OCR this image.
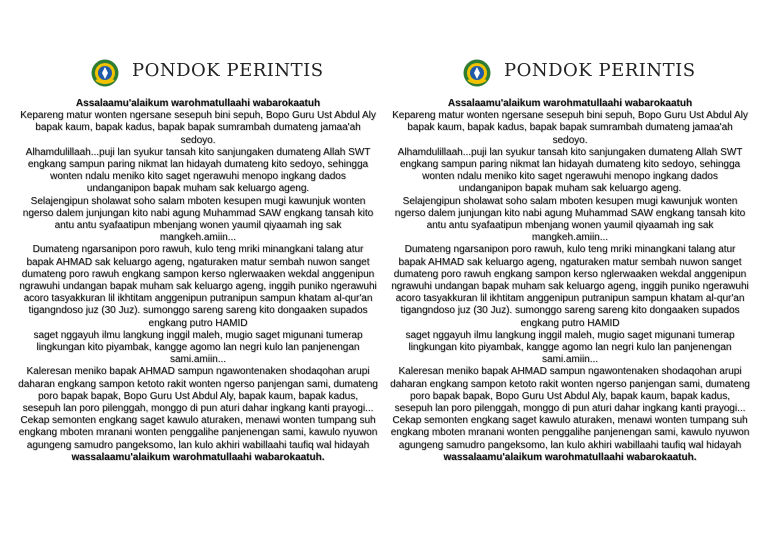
PONDOK PERINTIS

Assalaamu'alaikum warohmatullaahi wabarokaatuh

Kepareng matur wonten ngersane sesepuh bini sepuh, Bopo Guru Ust Abdul Aly bapak kaum, bapak kadus, bapak bapak sumrambah dumateng jamaa'ah sedoyo.

Alhamdulillaah...puji lan syukur tansah kito sanjungaken dumateng Allah SWT engkang sampun paring nikmat lan hidayah dumateng kito sedoyo, sehingga wonten ndalu meniko kito saget ngerawuhi menopo ingkang dados undanganipon bapak muham sak keluargo ageng.

Selajengipun sholawat soho salam mboten kesupen mugi kawunjuk wonten ngerso dalem junjungan kito nabi agung Muhammad SAW engkang tansah kito antu antu syafaatipun mbenjang wonen yaumil qiyaamah ing sak mangkeh.amiin...

Dumateng ngarsanipon poro rawuh, kulo teng mriki minangkani talang atur bapak AHMAD sak keluargo ageng, ngaturaken matur sembah nuwon sanget dumateng poro rawuh engkang sampon kerso nglerwaaken wekdal anggenipun ngrawuhi undangan bapak muham sak keluargo ageng, inggih puniko ngerawuhi acoro tasyakkuran lil ikhtitam anggenipun putranipun sampun khatam al-qur'an tigangndoso juz (30 Juz). sumonggo sareng sareng kito dongaaken supados engkang putro HAMID

saget nggayuh ilmu langkung inggil maleh, mugio saget migunani tumerap lingkungan kito piyambak, kangge agomo lan negri kulo lan panjenengan sami.amiin...

Kaleresan meniko bapak AHMAD sampun ngawontenaken shodaqohan arupi daharan engkang sampon ketoto rakit wonten ngerso panjengan sami, dumateng poro bapak bapak, Bopo Guru Ust Abdul Aly, bapak kaum, bapak kadus, sesepuh lan poro pilenggah, monggo di pun aturi dahar ingkang kanti prayogi...

Cekap semonten engkang saget kawulo aturaken, menawi wonten tumpang suh engkang mboten mranani wonten penggalihe panjenengan sami, kawulo nyuwon agungeng samudro pangeksomo, lan kulo akhiri wabillaahi taufiq wal hidayah

wassalaamu'alaikum warohmatullaahi wabarokaatuh.

PONDOK PERINTIS

Assalaamu'alaikum warohmatullaahi wabarokaatuh

Kepareng matur wonten ngersane sesepuh bini sepuh, Bopo Guru Ust Abdul Aly bapak kaum, bapak kadus, bapak bapak sumrambah dumateng jamaa'ah sedoyo.

Alhamdulillaah...puji lan syukur tansah kito sanjungaken dumateng Allah SWT engkang sampun paring nikmat lan hidayah dumateng kito sedoyo, sehingga wonten ndalu meniko kito saget ngerawuhi menopo ingkang dados undanganipon bapak muham sak keluargo ageng.

Selajengipun sholawat soho salam mboten kesupen mugi kawunjuk wonten ngerso dalem junjungan kito nabi agung Muhammad SAW engkang tansah kito antu antu syafaatipun mbenjang wonen yaumil qiyaamah ing sak mangkeh.amiin...

Dumateng ngarsanipon poro rawuh, kulo teng mriki minangkani talang atur bapak AHMAD sak keluargo ageng, ngaturaken matur sembah nuwon sanget dumateng poro rawuh engkang sampon kerso nglerwaaken wekdal anggenipun ngrawuhi undangan bapak muham sak keluargo ageng, inggih puniko ngerawuhi acoro tasyakkuran lil ikhtitam anggenipun putranipun sampun khatam al-qur'an tigangndoso juz (30 Juz). sumonggo sareng sareng kito dongaaken supados engkang putro HAMID

saget nggayuh ilmu langkung inggil maleh, mugio saget migunani tumerap lingkungan kito piyambak, kangge agomo lan negri kulo lan panjenengan sami.amiin...

Kaleresan meniko bapak AHMAD sampun ngawontenaken shodaqohan arupi daharan engkang sampon ketoto rakit wonten ngerso panjengan sami, dumateng poro bapak bapak, Bopo Guru Ust Abdul Aly, bapak kaum, bapak kadus, sesepuh lan poro pilenggah, monggo di pun aturi dahar ingkang kanti prayogi...

Cekap semonten engkang saget kawulo aturaken, menawi wonten tumpang suh engkang mboten mranani wonten penggalihe panjenengan sami, kawulo nyuwon agungeng samudro pangeksomo, lan kulo akhiri wabillaahi taufiq wal hidayah

wassalaamu'alaikum warohmatullaahi wabarokaatuh.
